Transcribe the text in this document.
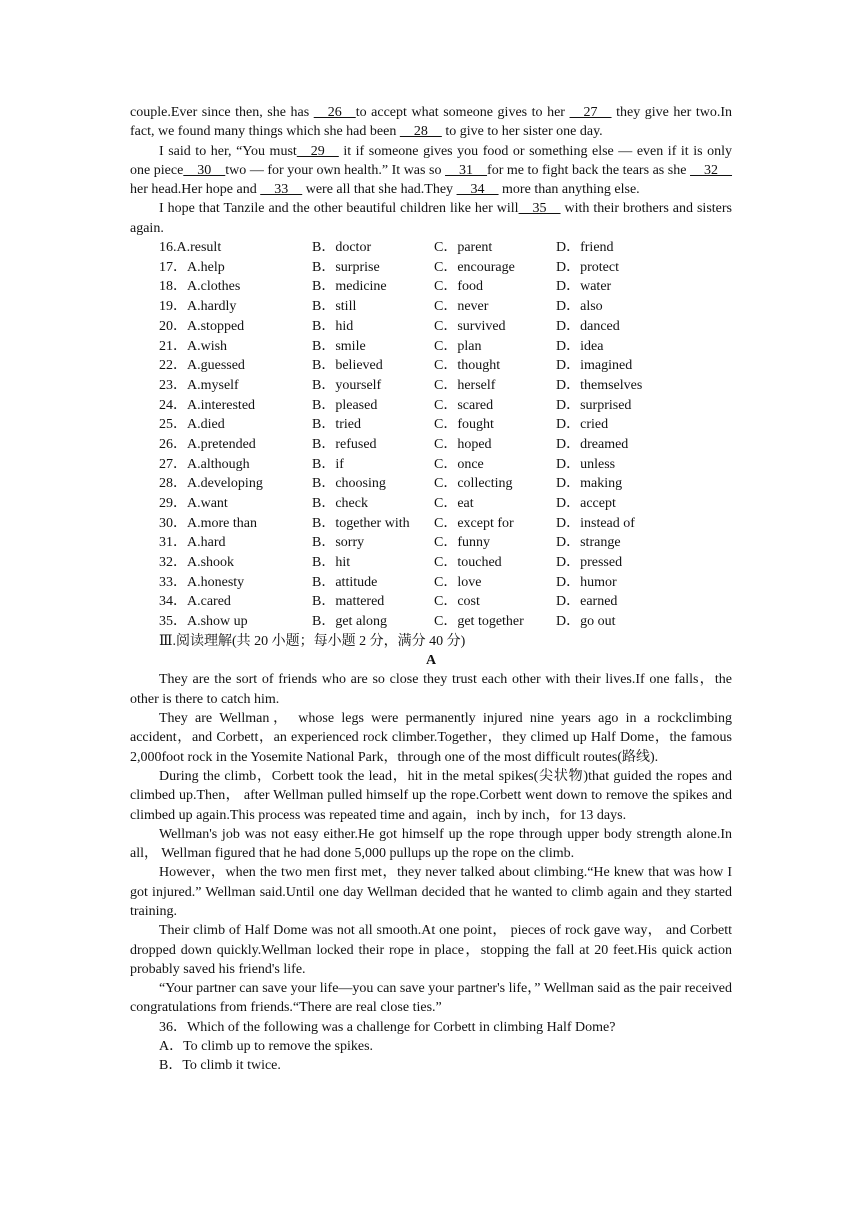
couple.Ever since then, she has   26  to accept what someone gives to her   27   they give her two.In fact, we found many things which she had been   28   to give to her sister one day.

I said to her, “You must  29   it if someone gives you food or something else — even if it is only one piece  30  two — for your own health.” It was so   31  for me to fight back the tears as she   32   her head.Her hope and   33   were all that she had.They   34   more than anything else.

I hope that Tanzile and the other beautiful children like her will  35   with their brothers and sisters again.

16.A.result	B．doctor	C．parent	D．friend
17．A.help	B．surprise	C．encourage	D．protect
18．A.clothes	B．medicine	C．food	D．water
19．A.hardly	B．still	C．never	D．also
20．A.stopped	B．hid	C．survived	D．danced
21．A.wish	B．smile	C．plan	D．idea
22．A.guessed	B．believed	C．thought	D．imagined
23．A.myself	B．yourself	C．herself	D．themselves
24．A.interested	B．pleased	C．scared	D．surprised
25．A.died	B．tried	C．fought	D．cried
26．A.pretended	B．refused	C．hoped	D．dreamed
27．A.although	B．if	C．once	D．unless
28．A.developing	B．choosing	C．collecting	D．making
29．A.want	B．check	C．eat	D．accept
30．A.more than	B．together with	C．except for	D．instead of
31．A.hard	B．sorry	C．funny	D．strange
32．A.shook	B．hit	C．touched	D．pressed
33．A.honesty	B．attitude	C．love	D．humor
34．A.cared	B．mattered	C．cost	D．earned
35．A.show up	B．get along	C．get together	D．go out

Ⅲ.阅读理解(共 20 小题；每小题 2 分，满分 40 分)

A

They are the sort of friends who are so close they trust each other with their lives.If one falls，the other is there to catch him.

They are Wellman， whose legs were permanently injured nine years ago in a rockclimbing accident，and Corbett，an experienced rock climber.Together，they climed up Half Dome，the famous 2,000foot rock in the Yosemite National Park，through one of the most difficult routes(路线).

During the climb，Corbett took the lead，hit in the metal spikes(尖状物)that guided the ropes and climbed up.Then， after Wellman pulled himself up the rope.Corbett went down to remove the spikes and climbed up again.This process was repeated time and again，inch by inch，for 13 days.

Wellman's job was not easy either.He got himself up the rope through upper body strength alone.In all， Wellman figured that he had done 5,000 pullups up the rope on the climb.

However，when the two men first met，they never talked about climbing.“He knew that was how I got injured.” Wellman said.Until one day Wellman decided that he wanted to climb again and they started training.

Their climb of Half Dome was not all smooth.At one point， pieces of rock gave way， and Corbett dropped down quickly.Wellman locked their rope in place，stopping the fall at 20 feet.His quick action probably saved his friend's life.

“Your partner can save your life—you can save your partner's life，” Wellman said as the pair received congratulations from friends.“There are real close ties.”

36．Which of the following was a challenge for Corbett in climbing Half Dome?

A．To climb up to remove the spikes.

B．To climb it twice.
